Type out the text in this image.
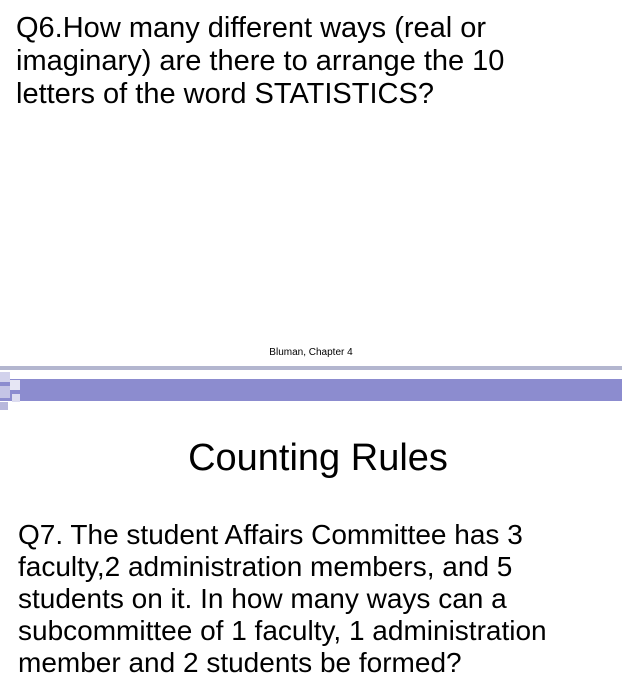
Q6.How many different ways (real or
imaginary) are there to arrange the 10
letters of the word STATISTICS?

Bluman, Chapter 4
Counting Rules

Q7. The student Affairs Committee has 3
faculty,2 administration members, and 5
students on it. In how many ways can a
subcommittee of 1 faculty, 1 administration
member and 2 students be formed?
